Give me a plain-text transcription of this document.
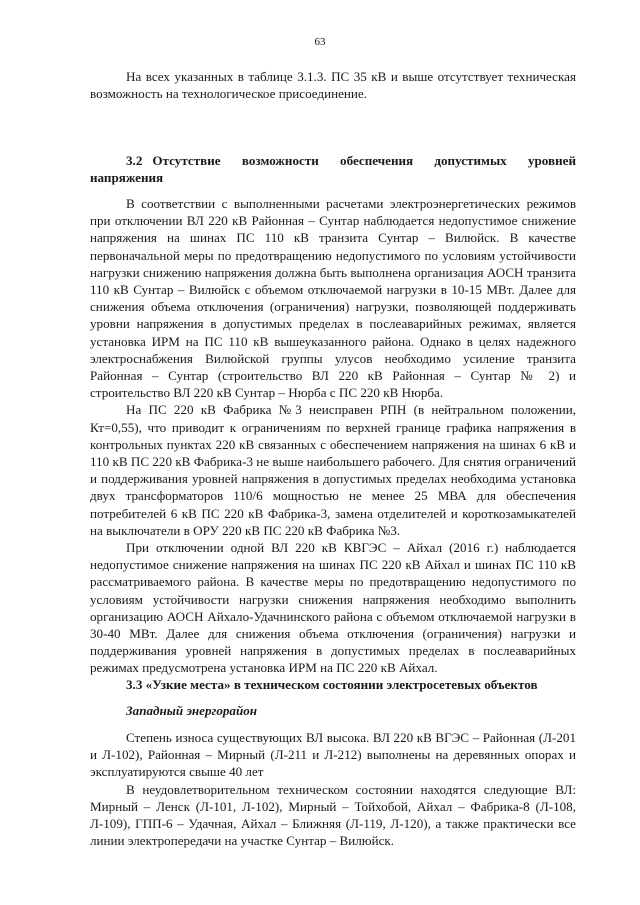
63

На всех указанных в таблице 3.1.3. ПС 35 кВ и выше отсутствует техническая возможность на технологическое присоединение.

3.2 Отсутствие возможности обеспечения допустимых уровней напряжения

В соответствии с выполненными расчетами электроэнергетических режимов при отключении ВЛ 220 кВ Районная – Сунтар наблюдается недопустимое снижение напряжения на шинах ПС 110 кВ транзита Сунтар – Вилюйск. В качестве первоначальной меры по предотвращению недопустимого по условиям устойчивости нагрузки снижению напряжения должна быть выполнена организация АОСН транзита 110 кВ Сунтар – Вилюйск с объемом отключаемой нагрузки в 10-15 МВт. Далее для снижения объема отключения (ограничения) нагрузки, позволяющей поддерживать уровни напряжения в допустимых пределах в послеаварийных режимах, является установка ИРМ на ПС 110 кВ вышеуказанного района. Однако в целях надежного электроснабжения Вилюйской группы улусов необходимо усиление транзита Районная – Сунтар (строительство ВЛ 220 кВ Районная – Сунтар № 2) и строительство ВЛ 220 кВ Сунтар – Нюрба с ПС 220 кВ Нюрба.

На ПС 220 кВ Фабрика №3 неисправен РПН (в нейтральном положении, Кт=0,55), что приводит к ограничениям по верхней границе графика напряжения в контрольных пунктах 220 кВ связанных с обеспечением напряжения на шинах 6 кВ и 110 кВ ПС 220 кВ Фабрика-3 не выше наибольшего рабочего. Для снятия ограничений и поддерживания уровней напряжения в допустимых пределах необходима установка двух трансформаторов 110/6 мощностью не менее 25 МВА для обеспечения потребителей 6 кВ ПС 220 кВ Фабрика-3, замена отделителей и короткозамыкателей на выключатели в ОРУ 220 кВ ПС 220 кВ Фабрика №3.

При отключении одной ВЛ 220 кВ КВГЭС – Айхал (2016 г.) наблюдается недопустимое снижение напряжения на шинах ПС 220 кВ Айхал и шинах ПС 110 кВ рассматриваемого района. В качестве меры по предотвращению недопустимого по условиям устойчивости нагрузки снижения напряжения необходимо выполнить организацию АОСН Айхало-Удачнинского района с объемом отключаемой нагрузки в 30-40 МВт. Далее для снижения объема отключения (ограничения) нагрузки и поддерживания уровней напряжения в допустимых пределах в послеаварийных режимах предусмотрена установка ИРМ на ПС 220 кВ Айхал.

3.3 «Узкие места» в техническом состоянии электросетевых объектов
Западный энергорайон

Степень износа существующих ВЛ высока. ВЛ 220 кВ ВГЭС – Районная (Л-201 и Л-102), Районная – Мирный (Л-211 и Л-212) выполнены на деревянных опорах и эксплуатируются свыше 40 лет

В неудовлетворительном техническом состоянии находятся следующие ВЛ: Мирный – Ленск (Л-101, Л-102), Мирный – Тойхобой, Айхал – Фабрика-8 (Л-108, Л-109), ГПП-6 – Удачная, Айхал – Ближняя (Л-119, Л-120), а также практически все линии электропередачи на участке Сунтар – Вилюйск.
